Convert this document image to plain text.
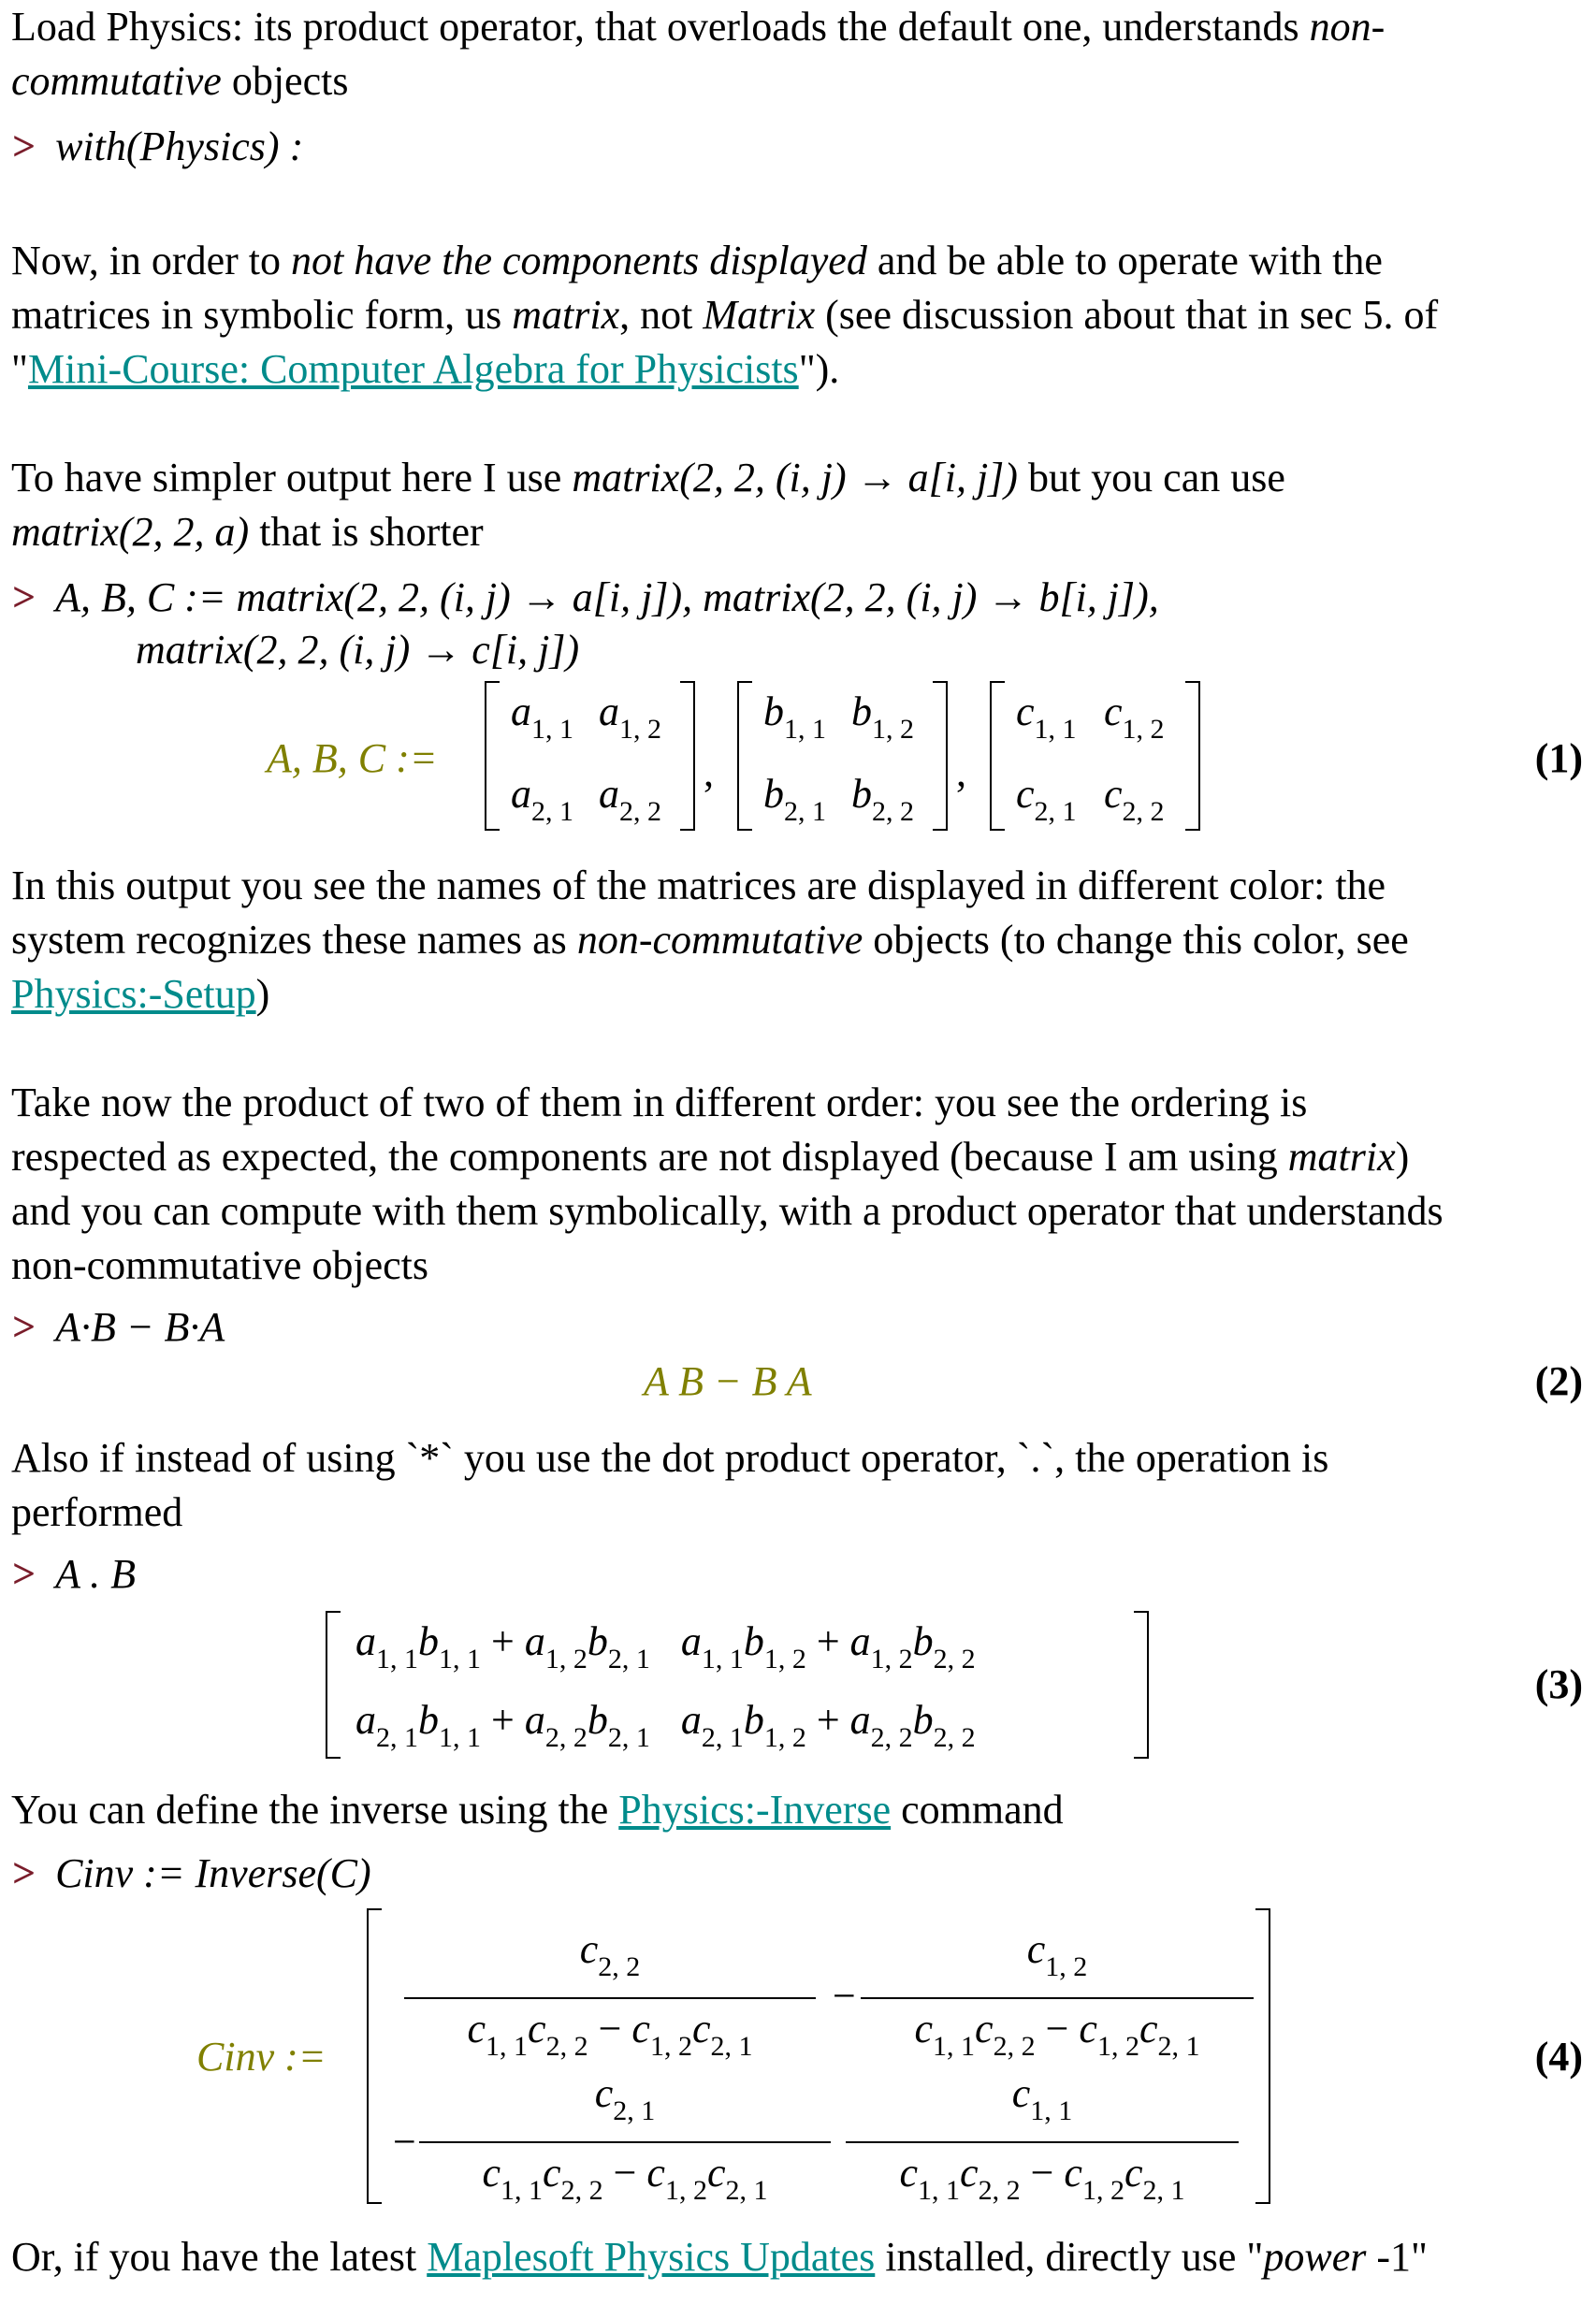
Load Physics: its product operator, that overloads the default one, understands non-
commutative objects
> with(Physics) :
Now, in order to not have the components displayed and be able to operate with the
matrices in symbolic form, us matrix, not Matrix (see discussion about that in sec 5. of
"Mini-Course: Computer Algebra for Physicists").
To have simpler output here I use matrix(2, 2, (i, j) → a[i, j]) but you can use
matrix(2, 2, a) that is shorter
> A, B, C := matrix(2, 2, (i, j) → a[i, j]), matrix(2, 2, (i, j) → b[i, j]),
matrix(2, 2, (i, j) → c[i, j])
A, B, C :=
$a_{1, 1}$ $a_{1, 2}$
$a_{2, 1}$ $a_{2, 2}$
,
$b_{1, 1}$ $b_{1, 2}$
$b_{2, 1}$ $b_{2, 2}$
,
$c_{1, 1}$ $c_{1, 2}$
$c_{2, 1}$ $c_{2, 2}$
(1)
In this output you see the names of the matrices are displayed in different color: the
system recognizes these names as non-commutative objects (to change this color, see
Physics:-Setup)
Take now the product of two of them in different order: you see the ordering is
respected as expected, the components are not displayed (because I am using matrix)
and you can compute with them symbolically, with a product operator that understands
non-commutative objects
> A·B − B·A
A B − B A	(2)
Also if instead of using `*` you use the dot product operator, `.`, the operation is
performed
> A . B
$a_{1, 1}b_{1, 1} + a_{1, 2}b_{2, 1}$ $a_{1, 1}b_{1, 2} + a_{1, 2}b_{2, 2}$
$a_{2, 1}b_{1, 1} + a_{2, 2}b_{2, 1}$ $a_{2, 1}b_{1, 2} + a_{2, 2}b_{2, 2}$
(3)
You can define the inverse using the Physics:-Inverse command
> Cinv := Inverse(C)
Cinv :=
$c_{2, 2}$
$c_{1, 1}c_{2, 2} - c_{1, 2}c_{2, 1}$
−
$c_{1, 2}$
$c_{1, 1}c_{2, 2} - c_{1, 2}c_{2, 1}$
−
$c_{2, 1}$
$c_{1, 1}c_{2, 2} - c_{1, 2}c_{2, 1}$
$c_{1, 1}$
$c_{1, 1}c_{2, 2} - c_{1, 2}c_{2, 1}$
(4)
Or, if you have the latest Maplesoft Physics Updates installed, directly use "power -1"
